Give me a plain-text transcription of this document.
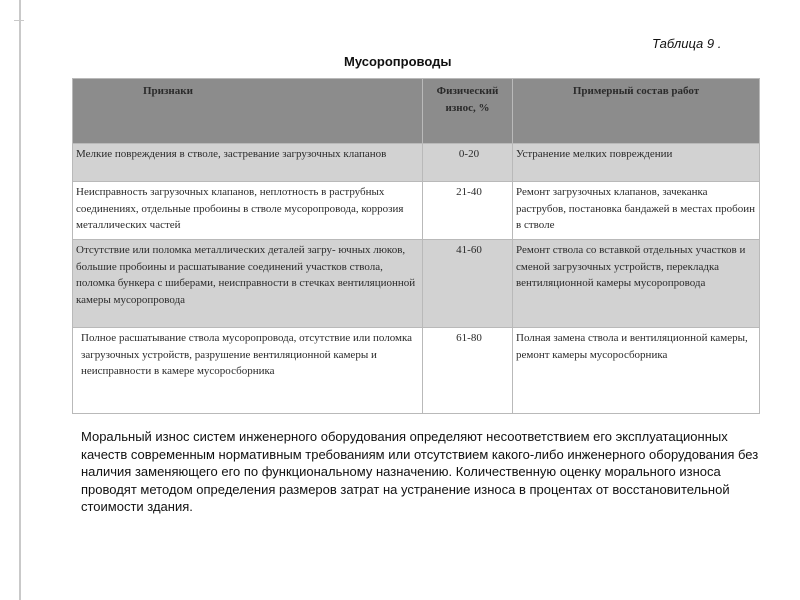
Таблица 9 .
Мусоропроводы
Признаки	Физический износ, %	Примерный состав работ
Мелкие повреждения в стволе, застревание загрузочных клапанов	0-20	Устранение мелких повреждении
Неисправность загрузочных клапанов, неплотность в раструбных соединениях, отдельные пробоины в стволе мусоропровода, коррозия металлических частей	21-40	Ремонт загрузочных клапанов, зачеканка раструбов, постановка бандажей в местах пробоин в стволе
Отсутствие или поломка металлических деталей загру- ючных люков, большие пробоины и расшатывание соединений участков ствола, поломка бункера с шиберами, неисправности в стечках вентиляционной камеры мусоропровода	41-60	Ремонт ствола со вставкой отдельных участков и сменой загрузочных устройств, перекладка вентиляционной камеры мусоропровода
Полное расшатывание ствола мусоропровода, отсутствие или поломка загрузочных устройств, разрушение вентиляционной камеры и неисправности в камере мусоросборника	61-80	Полная замена ствола и вентиляционной камеры, ремонт камеры мусоросборника
Моральный износ систем инженерного оборудования определяют несоответствием его эксплуатационных качеств современным нормативным требованиям или отсутствием какого-либо инженерного оборудования без наличия заменяющего его по функциональному назначению. Количественную оценку морального износа проводят методом определения размеров затрат на устранение износа в процентах от восстановительной стоимости здания.
